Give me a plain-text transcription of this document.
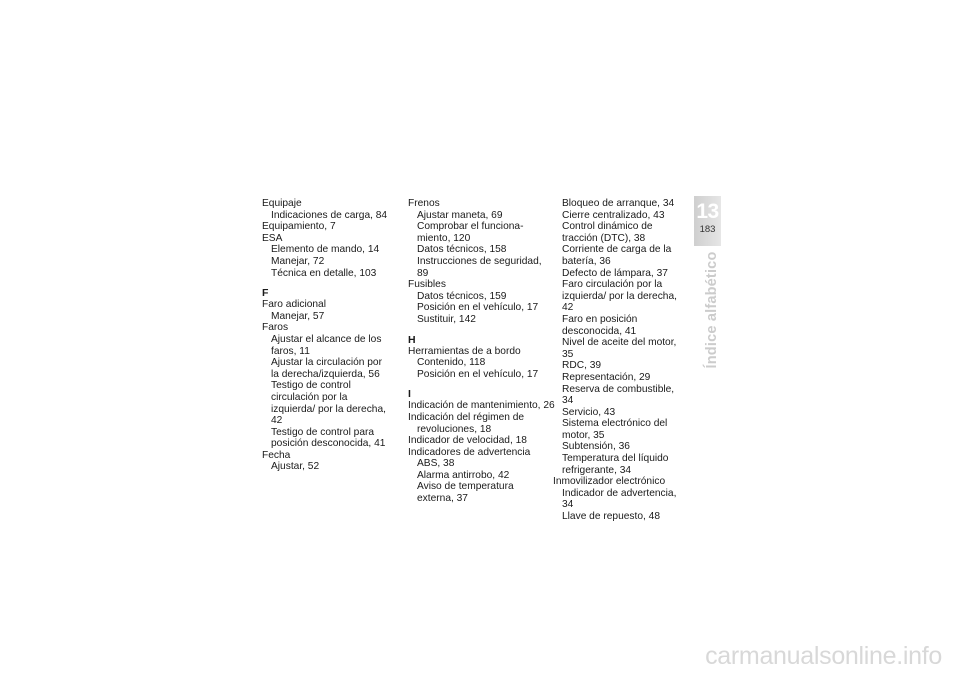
Equipaje
Indicaciones de carga, 84
Equipamiento, 7
ESA
Elemento de mando, 14
Manejar, 72
Técnica en detalle, 103
F
Faro adicional
Manejar, 57
Faros
Ajustar el alcance de los faros, 11
Ajustar la circulación por la derecha/izquierda, 56
Testigo de control circulación por la izquierda/ por la derecha, 42
Testigo de control para posición desconocida, 41
Fecha
Ajustar, 52
Frenos
Ajustar maneta, 69
Comprobar el funciona-miento, 120
Datos técnicos, 158
Instrucciones de seguridad, 89
Fusibles
Datos técnicos, 159
Posición en el vehículo, 17
Sustituir, 142
H
Herramientas de a bordo
Contenido, 118
Posición en el vehículo, 17
I
Indicación de mantenimiento, 26
Indicación del régimen de
revoluciones, 18
Indicador de velocidad, 18
Indicadores de advertencia
ABS, 38
Alarma antirrobo, 42
Aviso de temperatura externa, 37
Bloqueo de arranque, 34
Cierre centralizado, 43
Control dinámico de tracción (DTC), 38
Corriente de carga de la batería, 36
Defecto de lámpara, 37
Faro circulación por la izquierda/ por la derecha, 42
Faro en posición desconocida, 41
Nivel de aceite del motor, 35
RDC, 39
Representación, 29
Reserva de combustible, 34
Servicio, 43
Sistema electrónico del motor, 35
Subtensión, 36
Temperatura del líquido refrigerante, 34
Inmovilizador electrónico
Indicador de advertencia, 34
Llave de repuesto, 48
13
183
Índice alfabético
carmanualsonline.info
